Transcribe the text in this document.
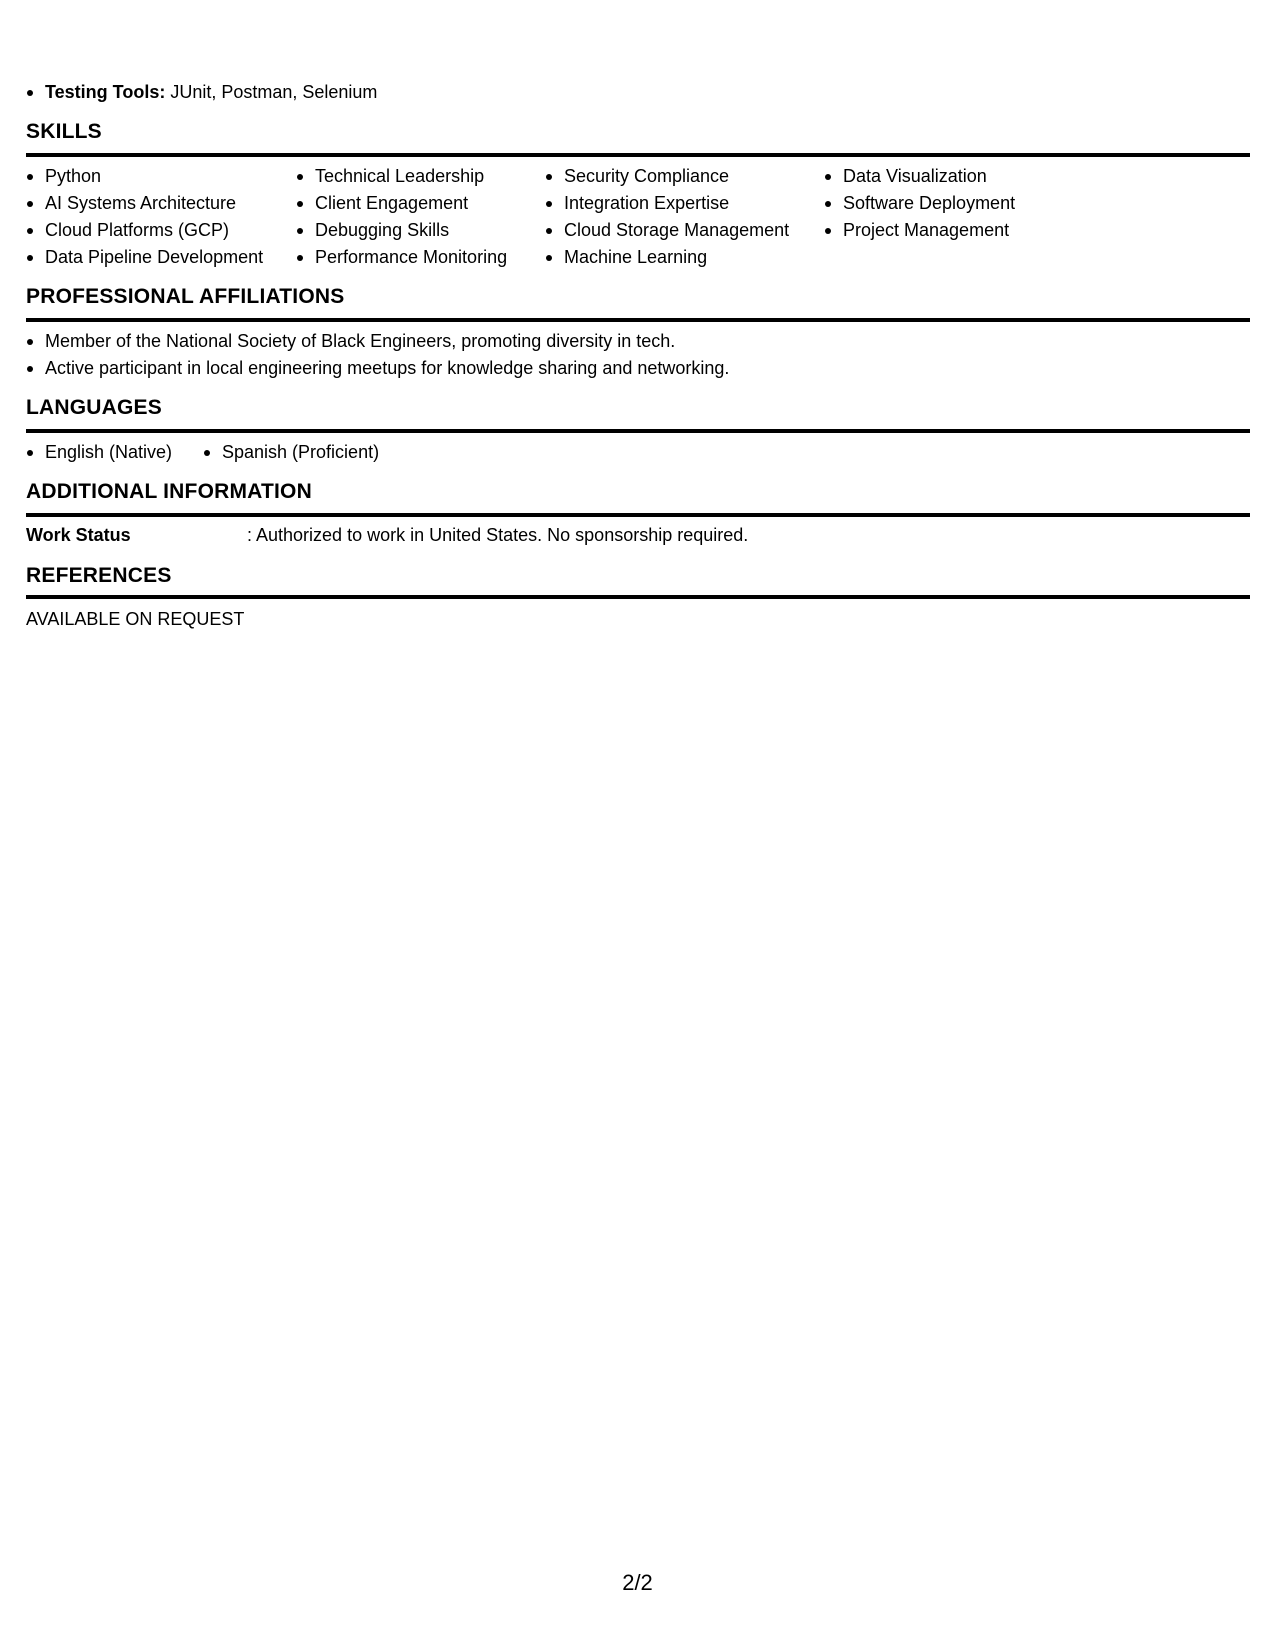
Testing Tools: JUnit, Postman, Selenium
SKILLS
Python
AI Systems Architecture
Cloud Platforms (GCP)
Data Pipeline Development
Technical Leadership
Client Engagement
Debugging Skills
Performance Monitoring
Security Compliance
Integration Expertise
Cloud Storage Management
Machine Learning
Data Visualization
Software Deployment
Project Management
PROFESSIONAL AFFILIATIONS
Member of the National Society of Black Engineers, promoting diversity in tech.
Active participant in local engineering meetups for knowledge sharing and networking.
LANGUAGES
English (Native)	Spanish (Proficient)
ADDITIONAL INFORMATION
Work Status	: Authorized to work in United States. No sponsorship required.
REFERENCES
AVAILABLE ON REQUEST
2/2
